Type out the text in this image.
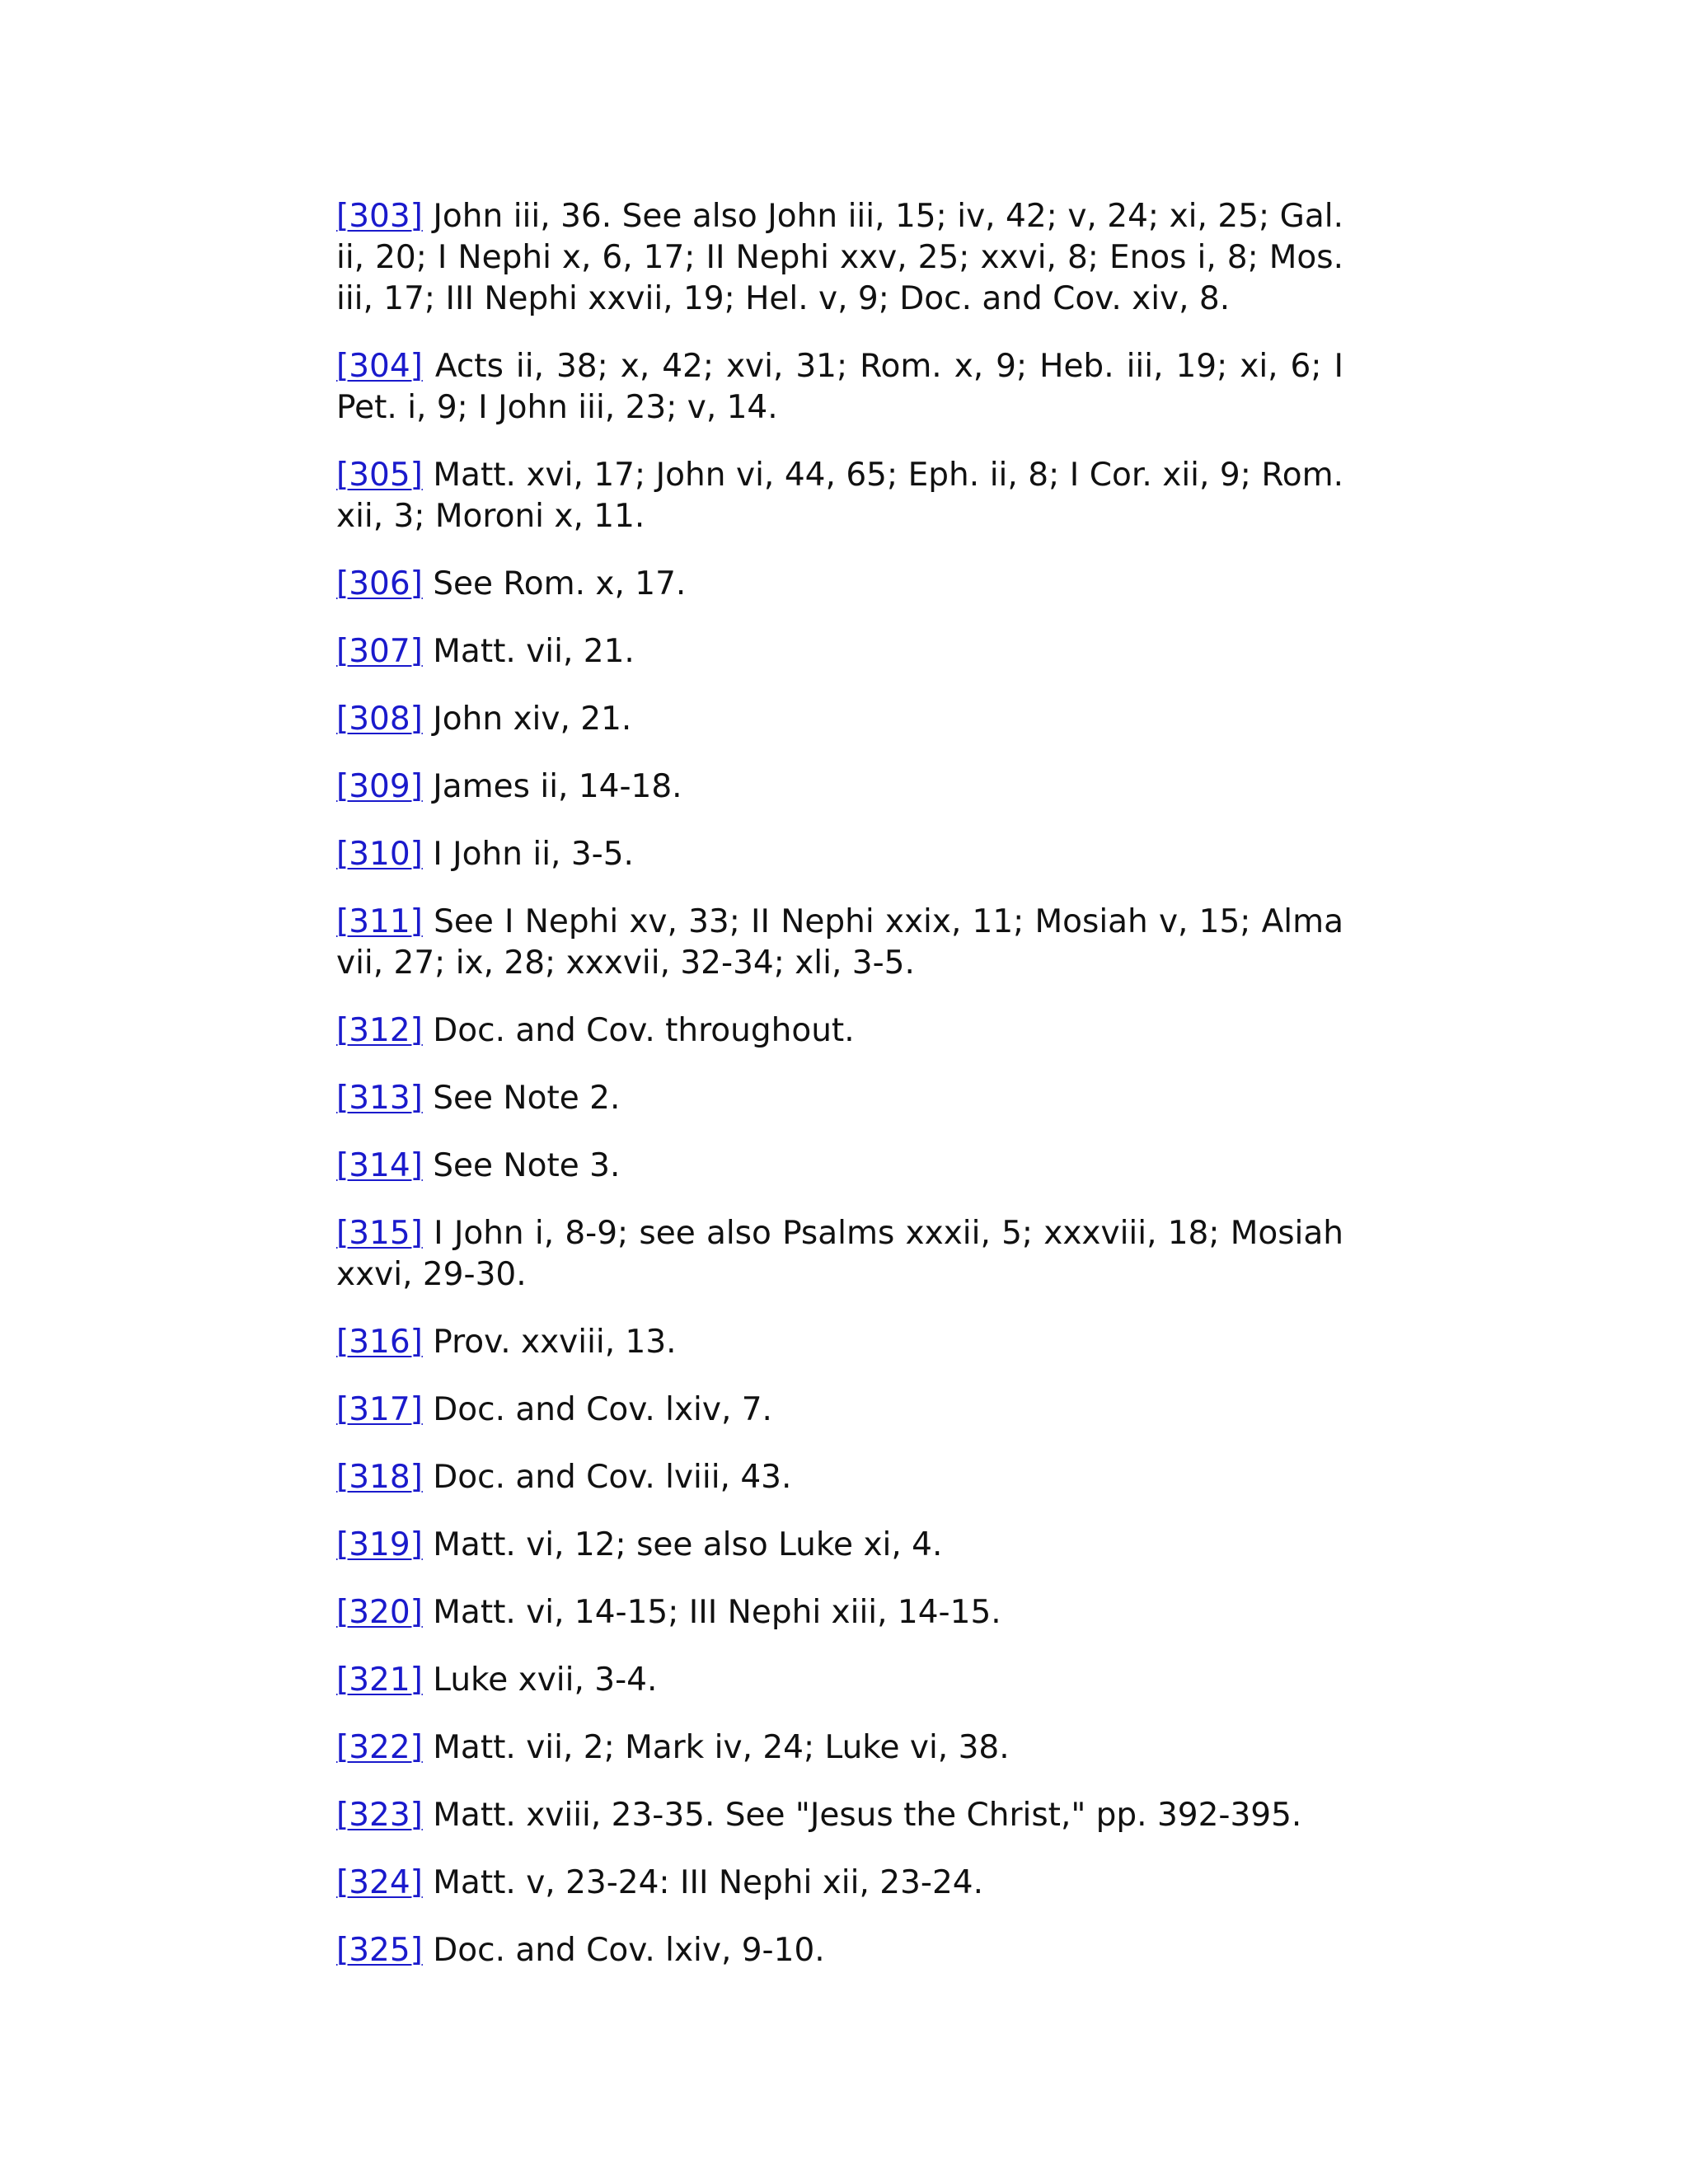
[303] John iii, 36. See also John iii, 15; iv, 42; v, 24; xi, 25; Gal. ii, 20; I Nephi x, 6, 17; II Nephi xxv, 25; xxvi, 8; Enos i, 8; Mos. iii, 17; III Nephi xxvii, 19; Hel. v, 9; Doc. and Cov. xiv, 8.

[304] Acts ii, 38; x, 42; xvi, 31; Rom. x, 9; Heb. iii, 19; xi, 6; I Pet. i, 9; I John iii, 23; v, 14.

[305] Matt. xvi, 17; John vi, 44, 65; Eph. ii, 8; I Cor. xii, 9; Rom. xii, 3; Moroni x, 11.

[306] See Rom. x, 17.

[307] Matt. vii, 21.

[308] John xiv, 21.

[309] James ii, 14-18.

[310] I John ii, 3-5.

[311] See I Nephi xv, 33; II Nephi xxix, 11; Mosiah v, 15; Alma vii, 27; ix, 28; xxxvii, 32-34; xli, 3-5.

[312] Doc. and Cov. throughout.

[313] See Note 2.

[314] See Note 3.

[315] I John i, 8-9; see also Psalms xxxii, 5; xxxviii, 18; Mosiah xxvi, 29-30.

[316] Prov. xxviii, 13.

[317] Doc. and Cov. lxiv, 7.

[318] Doc. and Cov. lviii, 43.

[319] Matt. vi, 12; see also Luke xi, 4.

[320] Matt. vi, 14-15; III Nephi xiii, 14-15.

[321] Luke xvii, 3-4.

[322] Matt. vii, 2; Mark iv, 24; Luke vi, 38.

[323] Matt. xviii, 23-35. See "Jesus the Christ," pp. 392-395.

[324] Matt. v, 23-24: III Nephi xii, 23-24.

[325] Doc. and Cov. lxiv, 9-10.
